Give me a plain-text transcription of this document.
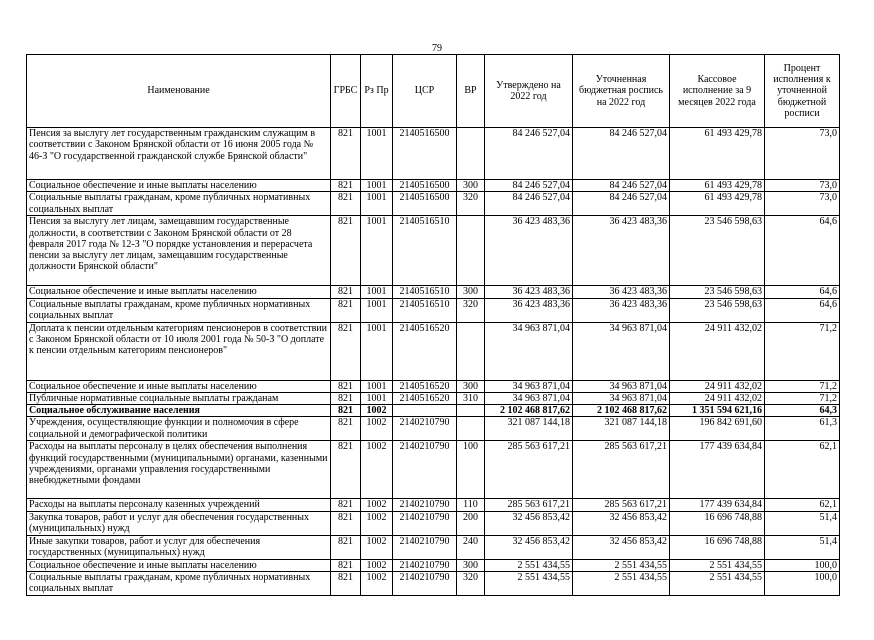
79
Наименование	ГРБС	Рз Пр	ЦСР	ВР	Утверждено на 2022 год	Уточненная бюджетная роспись на 2022 год	Кассовое исполнение за 9 месяцев 2022 года	Процент исполнения к уточненной бюджетной росписи
Пенсия за выслугу лет государственным гражданским служащим в соответствии с Законом Брянской области от 16 июня 2005 года № 46-З "О государственной гражданской службе Брянской области"	821	1001	2140516500		84 246 527,04	84 246 527,04	61 493 429,78	73,0
Социальное обеспечение и иные выплаты населению	821	1001	2140516500	300	84 246 527,04	84 246 527,04	61 493 429,78	73,0
Социальные выплаты гражданам, кроме публичных нормативных социальных выплат	821	1001	2140516500	320	84 246 527,04	84 246 527,04	61 493 429,78	73,0
Пенсия за выслугу лет лицам, замещавшим государственные должности, в соответствии с Законом Брянской области от 28 февраля 2017 года № 12-З "О порядке установления и перерасчета пенсии за выслугу лет лицам, замещавшим государственные должности Брянской области"	821	1001	2140516510		36 423 483,36	36 423 483,36	23 546 598,63	64,6
Социальное обеспечение и иные выплаты населению	821	1001	2140516510	300	36 423 483,36	36 423 483,36	23 546 598,63	64,6
Социальные выплаты гражданам, кроме публичных нормативных социальных выплат	821	1001	2140516510	320	36 423 483,36	36 423 483,36	23 546 598,63	64,6
Доплата к пенсии отдельным категориям пенсионеров в соответствии с Законом Брянской области от 10 июля 2001 года № 50-З "О доплате к пенсии отдельным категориям пенсионеров"	821	1001	2140516520		34 963 871,04	34 963 871,04	24 911 432,02	71,2
Социальное обеспечение и иные выплаты населению	821	1001	2140516520	300	34 963 871,04	34 963 871,04	24 911 432,02	71,2
Публичные нормативные социальные выплаты гражданам	821	1001	2140516520	310	34 963 871,04	34 963 871,04	24 911 432,02	71,2
Социальное обслуживание населения	821	1002			2 102 468 817,62	2 102 468 817,62	1 351 594 621,16	64,3
Учреждения, осуществляющие функции и полномочия в сфере социальной и демографической политики	821	1002	2140210790		321 087 144,18	321 087 144,18	196 842 691,60	61,3
Расходы на выплаты персоналу в целях обеспечения выполнения функций государственными (муниципальными) органами, казенными учреждениями, органами управления государственными внебюджетными фондами	821	1002	2140210790	100	285 563 617,21	285 563 617,21	177 439 634,84	62,1
Расходы на выплаты персоналу казенных учреждений	821	1002	2140210790	110	285 563 617,21	285 563 617,21	177 439 634,84	62,1
Закупка товаров, работ и услуг для обеспечения государственных (муниципальных) нужд	821	1002	2140210790	200	32 456 853,42	32 456 853,42	16 696 748,88	51,4
Иные закупки товаров, работ и услуг для обеспечения государственных (муниципальных) нужд	821	1002	2140210790	240	32 456 853,42	32 456 853,42	16 696 748,88	51,4
Социальное обеспечение и иные выплаты населению	821	1002	2140210790	300	2 551 434,55	2 551 434,55	2 551 434,55	100,0
Социальные выплаты гражданам, кроме публичных нормативных социальных выплат	821	1002	2140210790	320	2 551 434,55	2 551 434,55	2 551 434,55	100,0
